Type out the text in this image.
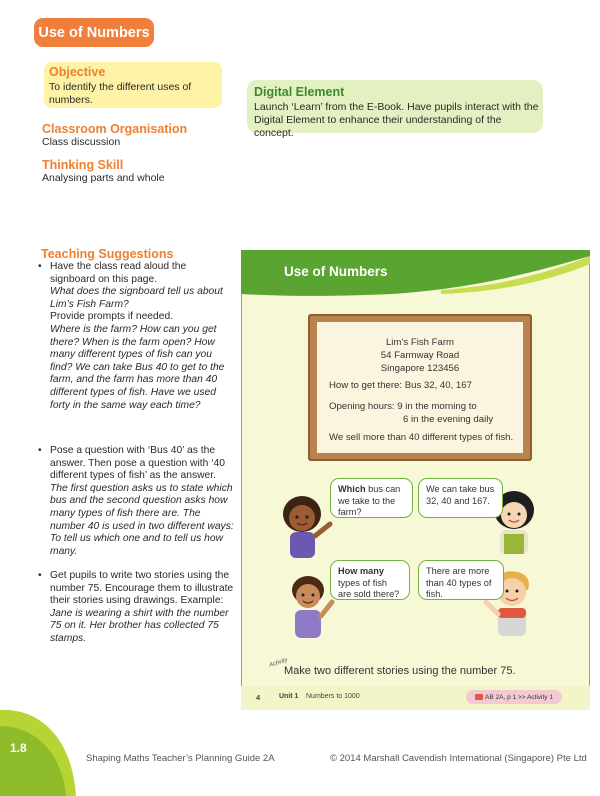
Use of Numbers
Objective
To identify the different uses of numbers.
Classroom Organisation
Class discussion
Thinking Skill
Analysing parts and whole
Digital Element
Launch ‘Learn’ from the E-Book. Have pupils interact with the Digital Element to enhance their understanding of the concept.
Teaching Suggestions
• Have the class read aloud the signboard on this page.
What does the signboard tell us about Lim’s Fish Farm?
Provide prompts if needed.
Where is the farm? How can you get there? When is the farm open? How many different types of fish can you find? We can take Bus 40 to get to the farm, and the farm has more than 40 different types of fish. Have we used forty in the same way each time?
• Pose a question with ‘Bus 40’ as the answer. Then pose a question with ‘40 different types of fish’ as the answer.
The first question asks us to state which bus and the second question asks how many types of fish there are. The number 40 is used in two different ways: To tell us which one and to tell us how many.
• Get pupils to write two stories using the number 75. Encourage them to illustrate their stories using drawings. Example:
Jane is wearing a shirt with the number 75 on it. Her brother has collected 75 stamps.
Use of Numbers
Lim’s Fish Farm
54 Farmway Road
Singapore 123456
How to get there: Bus 32, 40, 167
Opening hours: 9 in the morning to
6 in the evening daily
We sell more than 40 different types of fish.
Which bus can we take to the farm?
We can take bus 32, 40 and 167.
How many types of fish are sold there?
There are more than 40 types of fish.
Activity
Make two different stories using the number 75.
4	Unit 1 Numbers to 1000	AB 2A, p 1 >> Activity 1
1.8
Shaping Maths Teacher’s Planning Guide 2A	© 2014 Marshall Cavendish International (Singapore) Pte Ltd
